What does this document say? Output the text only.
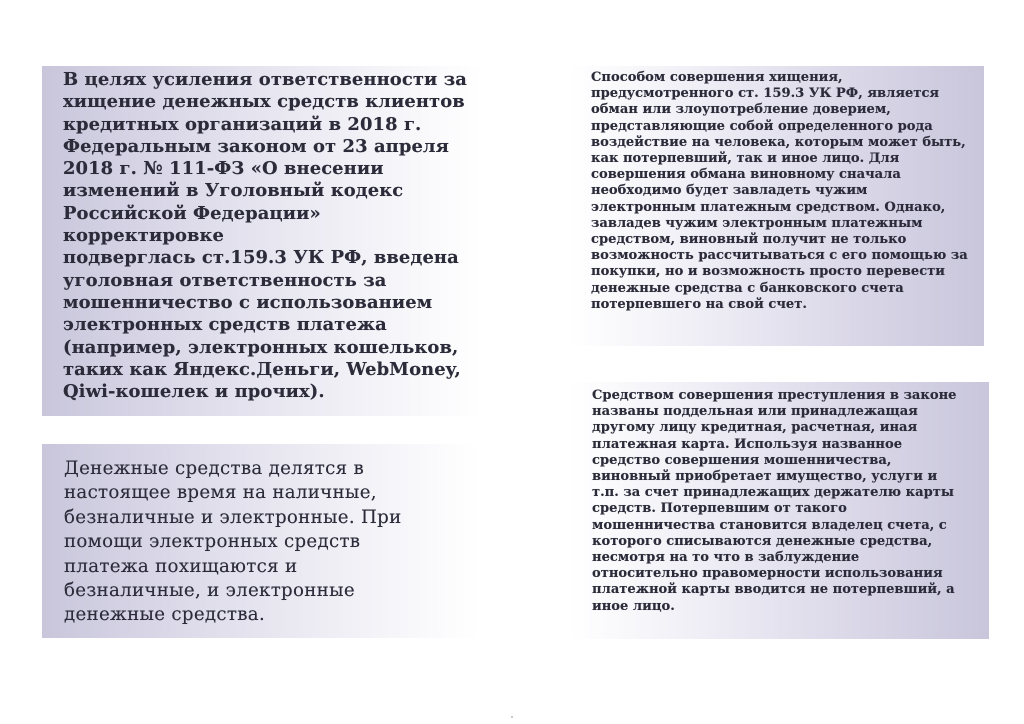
В целях усиления ответственности за

хищение денежных средств клиентов

кредитных организаций в 2018 г.

Федеральным законом от 23 апреля

2018 г. № 111-ФЗ «О внесении

изменений в Уголовный кодекс

Российской Федерации» корректировке

подверглась ст.159.3 УК РФ, введена

уголовная ответственность за

мошенничество с использованием

электронных средств платежа

(например, электронных кошельков,

таких как Яндекс.Деньги, WebMoney,

Qiwi-кошелек и прочих).

Денежные средства делятся в

настоящее время на наличные,

безналичные и электронные. При

помощи электронных средств

платежа похищаются и

безналичные, и электронные

денежные средства.

Способом совершения хищения,

предусмотренного ст. 159.3 УК РФ, является

обман или злоупотребление доверием,

представляющие собой определенного рода

воздействие на человека, которым может быть,

как потерпевший, так и иное лицо. Для

совершения обмана виновному сначала

необходимо будет завладеть чужим

электронным платежным средством. Однако,

завладев чужим электронным платежным

средством, виновный получит не только

возможность рассчитываться с его помощью за

покупки, но и возможность просто перевести

денежные средства с банковского счета

потерпевшего на свой счет.

Средством совершения преступления в законе

названы поддельная или принадлежащая

другому лицу кредитная, расчетная, иная

платежная карта. Используя названное

средство совершения мошенничества,

виновный приобретает имущество, услуги и

т.п. за счет принадлежащих держателю карты

средств. Потерпевшим от такого

мошенничества становится владелец счета, с

которого списываются денежные средства,

несмотря на то что в заблуждение

относительно правомерности использования

платежной карты вводится не потерпевший, а

иное лицо.
